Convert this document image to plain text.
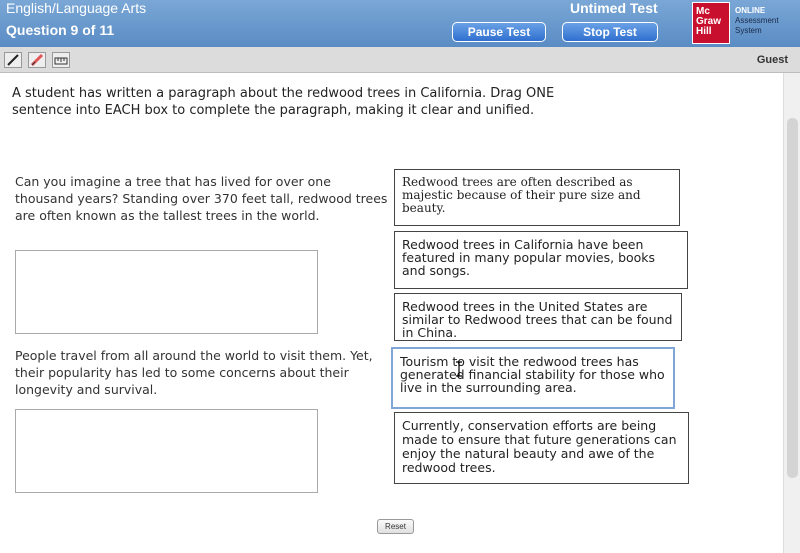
English/Language Arts
Question 9 of 11
Untimed Test
Pause Test	Stop Test
Mc
Graw
Hill
ONLINE
Assessment
System
Guest
A student has written a paragraph about the redwood trees in California. Drag ONE sentence into EACH box to complete the paragraph, making it clear and unified.
Can you imagine a tree that has lived for over one thousand years? Standing over 370 feet tall, redwood trees are often known as the tallest trees in the world.
People travel from all around the world to visit them. Yet, their popularity has led to some concerns about their longevity and survival.
Redwood trees are often described as majestic because of their pure size and beauty.
Redwood trees in California have been featured in many popular movies, books and songs.
Redwood trees in the United States are similar to Redwood trees that can be found in China.
Tourism to visit the redwood trees has generated financial stability for those who live in the surrounding area.
Currently, conservation efforts are being made to ensure that future generations can enjoy the natural beauty and awe of the redwood trees.
Reset
